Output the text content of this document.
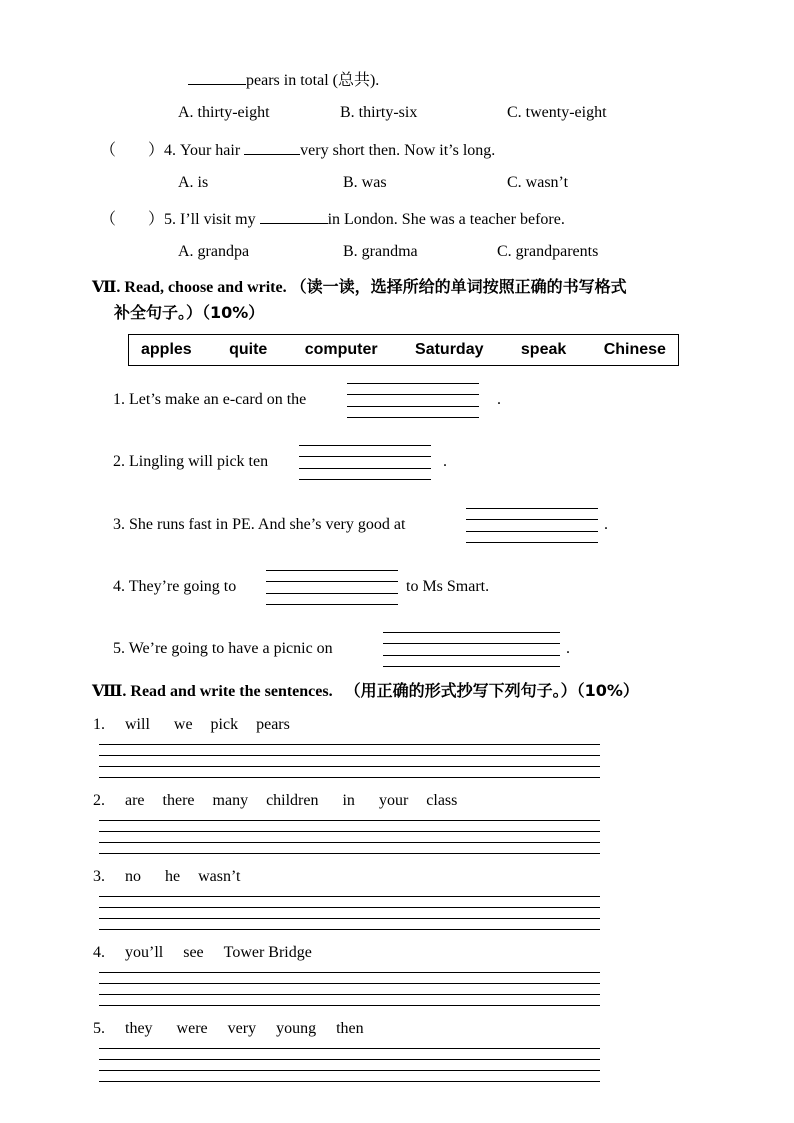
pears in total (总共).
A. thirty-eight	B. thirty-six	C. twenty-eight
（　　）4. Your hair	very short then. Now it’s long.
A. is	B. was	C. wasn’t
（　　）5. I’ll visit my	in London. She was a teacher before.
A. grandpa	B. grandma	C. grandparents
Ⅶ. Read, choose and write. （读一读，选择所给的单词按照正确的书写格式
补全句子。）（10%）
apples quite computer Saturday speak Chinese
1. Let’s make an e-card on the	.
2. Lingling will pick ten	.
3. She runs fast in PE. And she’s very good at	.
4. They’re going to	to Ms Smart.
5. We’re going to have a picnic on	.
Ⅷ. Read and write the sentences. （用正确的形式抄写下列句子。）（10%）
1. will we pick pears
2. are there many children in your class
3. no he wasn’t
4. you’ll see Tower Bridge
5. they were very young then
